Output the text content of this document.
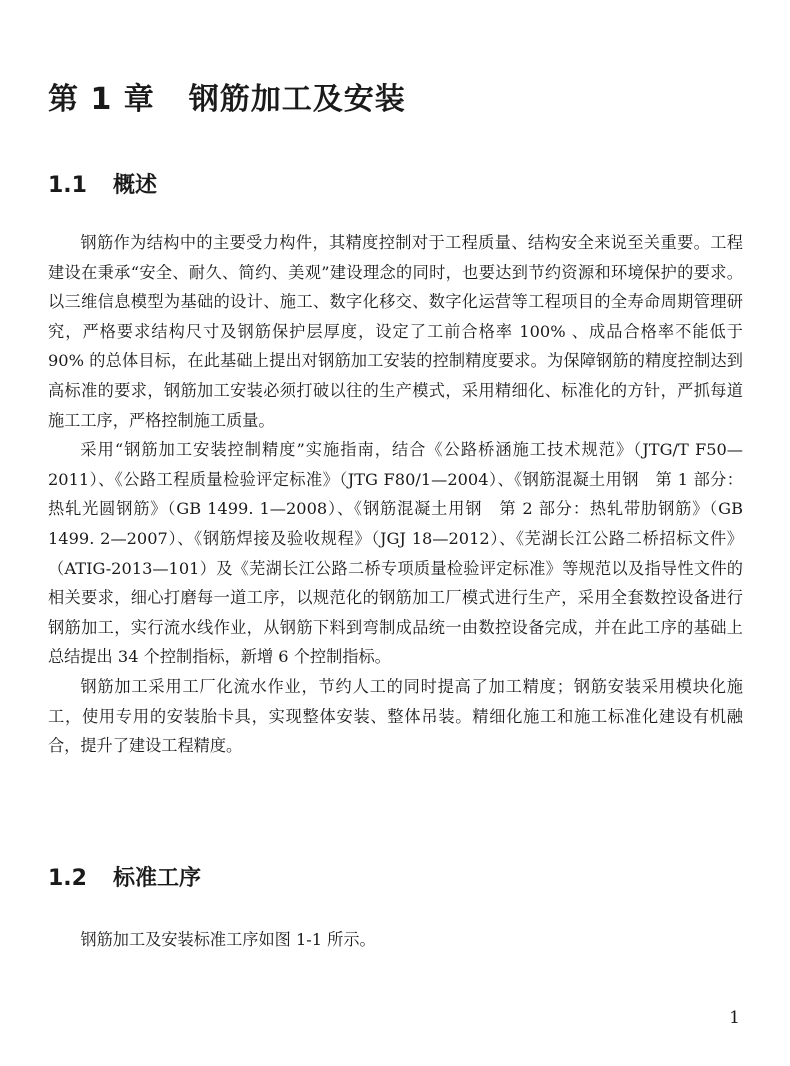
第 1 章 钢筋加工及安装
1.1 概述

钢筋作为结构中的主要受力构件，其精度控制对于工程质量、结构安全来说至关重要。工程建设在秉承“安全、耐久、简约、美观”建设理念的同时，也要达到节约资源和环境保护的要求。以三维信息模型为基础的设计、施工、数字化移交、数字化运营等工程项目的全寿命周期管理研究，严格要求结构尺寸及钢筋保护层厚度，设定了工前合格率 100% 、成品合格率不能低于 90% 的总体目标，在此基础上提出对钢筋加工安装的控制精度要求。为保障钢筋的精度控制达到高标准的要求，钢筋加工安装必须打破以往的生产模式，采用精细化、标准化的方针，严抓每道施工工序，严格控制施工质量。

采用“钢筋加工安装控制精度”实施指南，结合《公路桥涵施工技术规范》（JTG/T F50—2011）、《公路工程质量检验评定标准》（JTG F80/1—2004）、《钢筋混凝土用钢　第 1 部分：热轧光圆钢筋》（GB 1499. 1—2008）、《钢筋混凝土用钢　第 2 部分：热轧带肋钢筋》（GB 1499. 2—2007）、《钢筋焊接及验收规程》（JGJ 18—2012）、《芜湖长江公路二桥招标文件》（ATIG-2013—101）及《芜湖长江公路二桥专项质量检验评定标准》等规范以及指导性文件的相关要求，细心打磨每一道工序，以规范化的钢筋加工厂模式进行生产，采用全套数控设备进行钢筋加工，实行流水线作业，从钢筋下料到弯制成品统一由数控设备完成，并在此工序的基础上总结提出 34 个控制指标，新增 6 个控制指标。

钢筋加工采用工厂化流水作业，节约人工的同时提高了加工精度；钢筋安装采用模块化施工，使用专用的安装胎卡具，实现整体安装、整体吊装。精细化施工和施工标准化建设有机融合，提升了建设工程精度。

1.2 标准工序

钢筋加工及安装标准工序如图 1-1 所示。

1
